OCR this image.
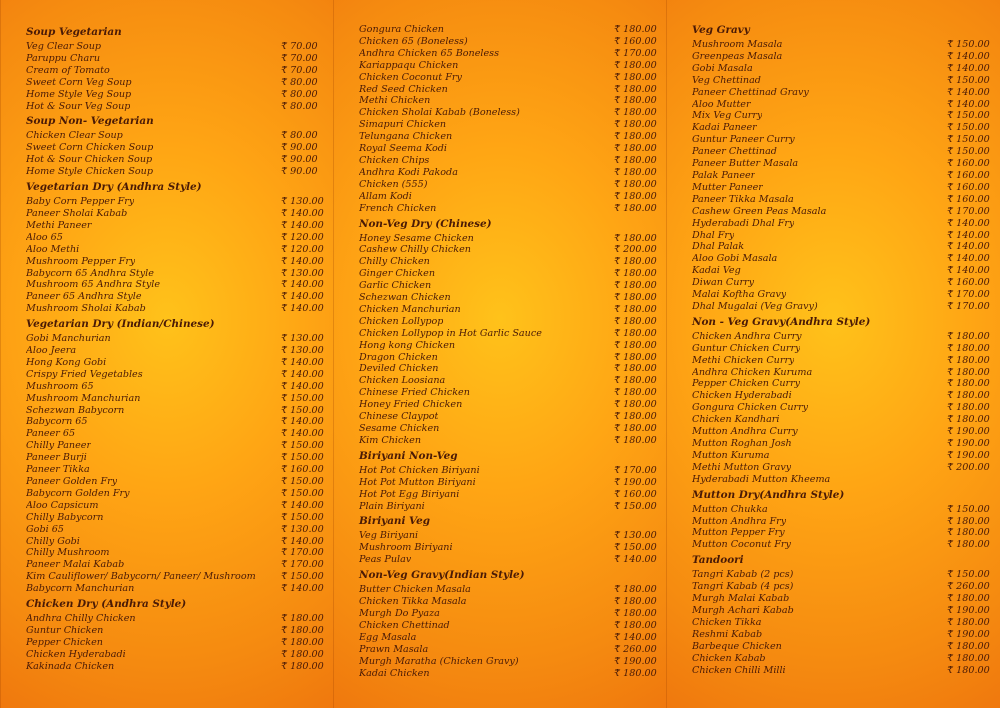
Soup Vegetarian
Veg Clear Soup	₹ 70.00
Paruppu Charu	₹ 70.00
Cream of Tomato	₹ 70.00
Sweet Corn Veg Soup	₹ 80.00
Home Style Veg Soup	₹ 80.00
Hot & Sour Veg Soup	₹ 80.00
Soup Non- Vegetarian
Chicken Clear Soup	₹ 80.00
Sweet Corn Chicken Soup	₹ 90.00
Hot & Sour Chicken Soup	₹ 90.00
Home Style Chicken Soup	₹ 90.00
Vegetarian Dry (Andhra Style)
Baby Corn Pepper Fry	₹ 130.00
Paneer Sholai Kabab	₹ 140.00
Methi Paneer	₹ 140.00
Aloo 65	₹ 120.00
Aloo Methi	₹ 120.00
Mushroom Pepper Fry	₹ 140.00
Babycorn 65 Andhra Style	₹ 130.00
Mushroom 65 Andhra Style	₹ 140.00
Paneer 65 Andhra Style	₹ 140.00
Mushroom Sholai Kabab	₹ 140.00
Vegetarian Dry (Indian/Chinese)
Gobi Manchurian	₹ 130.00
Aloo Jeera	₹ 130.00
Hong Kong Gobi	₹ 140.00
Crispy Fried Vegetables	₹ 140.00
Mushroom 65	₹ 140.00
Mushroom Manchurian	₹ 150.00
Schezwan Babycorn	₹ 150.00
Babycorn 65	₹ 140.00
Paneer 65	₹ 140.00
Chilly Paneer	₹ 150.00
Paneer Burji	₹ 150.00
Paneer Tikka	₹ 160.00
Paneer Golden Fry	₹ 150.00
Babycorn Golden Fry	₹ 150.00
Aloo Capsicum	₹ 140.00
Chilly Babycorn	₹ 150.00
Gobi 65	₹ 130.00
Chilly Gobi	₹ 140.00
Chilly Mushroom	₹ 170.00
Paneer Malai Kabab	₹ 170.00
Kim Cauliflower/ Babycorn/ Paneer/ Mushroom	₹ 150.00
Babycorn Manchurian	₹ 140.00
Chicken Dry (Andhra Style)
Andhra Chilly Chicken	₹ 180.00
Guntur Chicken	₹ 180.00
Pepper Chicken	₹ 180.00
Chicken Hyderabadi	₹ 180.00
Kakinada Chicken	₹ 180.00
Gongura Chicken	₹ 180.00
Chicken 65 (Boneless)	₹ 160.00
Andhra Chicken 65 Boneless	₹ 170.00
Kariappaqu Chicken	₹ 180.00
Chicken Coconut Fry	₹ 180.00
Red Seed Chicken	₹ 180.00
Methi Chicken	₹ 180.00
Chicken Sholai Kabab (Boneless)	₹ 180.00
Simapuri Chicken	₹ 180.00
Telungana Chicken	₹ 180.00
Royal Seema Kodi	₹ 180.00
Chicken Chips	₹ 180.00
Andhra Kodi Pakoda	₹ 180.00
Chicken (555)	₹ 180.00
Allam Kodi	₹ 180.00
French Chicken	₹ 180.00
Non-Veg Dry (Chinese)
Honey Sesame Chicken	₹ 180.00
Cashew Chilly Chicken	₹ 200.00
Chilly Chicken	₹ 180.00
Ginger Chicken	₹ 180.00
Garlic Chicken	₹ 180.00
Schezwan Chicken	₹ 180.00
Chicken Manchurian	₹ 180.00
Chicken Lollypop	₹ 180.00
Chicken Lollypop in Hot Garlic Sauce	₹ 180.00
Hong kong Chicken	₹ 180.00
Dragon Chicken	₹ 180.00
Deviled Chicken	₹ 180.00
Chicken Loosiana	₹ 180.00
Chinese Fried Chicken	₹ 180.00
Honey Fried Chicken	₹ 180.00
Chinese Claypot	₹ 180.00
Sesame Chicken	₹ 180.00
Kim Chicken	₹ 180.00
Biriyani Non-Veg
Hot Pot Chicken Biriyani	₹ 170.00
Hot Pot Mutton Biriyani	₹ 190.00
Hot Pot Egg Biriyani	₹ 160.00
Plain Biriyani	₹ 150.00
Biriyani Veg
Veg Biriyani	₹ 130.00
Mushroom Biriyani	₹ 150.00
Peas Pulav	₹ 140.00
Non-Veg Gravy(Indian Style)
Butter Chicken Masala	₹ 180.00
Chicken Tikka Masala	₹ 180.00
Murgh Do Pyaza	₹ 180.00
Chicken Chettinad	₹ 180.00
Egg Masala	₹ 140.00
Prawn Masala	₹ 260.00
Murgh Maratha (Chicken Gravy)	₹ 190.00
Kadai Chicken	₹ 180.00
Veg Gravy
Mushroom Masala	₹ 150.00
Greenpeas Masala	₹ 140.00
Gobi Masala	₹ 140.00
Veg Chettinad	₹ 150.00
Paneer Chettinad Gravy	₹ 140.00
Aloo Mutter	₹ 140.00
Mix Veg Curry	₹ 150.00
Kadai Paneer	₹ 150.00
Guntur Paneer Curry	₹ 150.00
Paneer Chettinad	₹ 150.00
Paneer Butter Masala	₹ 160.00
Palak Paneer	₹ 160.00
Mutter Paneer	₹ 160.00
Paneer Tikka Masala	₹ 160.00
Cashew Green Peas Masala	₹ 170.00
Hyderabadi Dhal Fry	₹ 140.00
Dhal Fry	₹ 140.00
Dhal Palak	₹ 140.00
Aloo Gobi Masala	₹ 140.00
Kadai Veg	₹ 140.00
Diwan Curry	₹ 160.00
Malai Koftha Gravy	₹ 170.00
Dhal Mugalai (Veg Gravy)	₹ 170.00
Non - Veg Gravy(Andhra Style)
Chicken Andhra Curry	₹ 180.00
Guntur Chicken Curry	₹ 180.00
Methi Chicken Curry	₹ 180.00
Andhra Chicken Kuruma	₹ 180.00
Pepper Chicken Curry	₹ 180.00
Chicken Hyderabadi	₹ 180.00
Gongura Chicken Curry	₹ 180.00
Chicken Kandhari	₹ 180.00
Mutton Andhra Curry	₹ 190.00
Mutton Roghan Josh	₹ 190.00
Mutton Kuruma	₹ 190.00
Methi Mutton Gravy	₹ 200.00
Hyderabadi Mutton Kheema
Mutton Dry(Andhra Style)
Mutton Chukka	₹ 150.00
Mutton Andhra Fry	₹ 180.00
Mutton Pepper Fry	₹ 180.00
Mutton Coconut Fry	₹ 180.00
Tandoori
Tangri Kabab (2 pcs)	₹ 150.00
Tangri Kabab (4 pcs)	₹ 260.00
Murgh Malai Kabab	₹ 180.00
Murgh Achari Kabab	₹ 190.00
Chicken Tikka	₹ 180.00
Reshmi Kabab	₹ 190.00
Barbeque Chicken	₹ 180.00
Chicken Kabab	₹ 180.00
Chicken Chilli Milli	₹ 180.00
